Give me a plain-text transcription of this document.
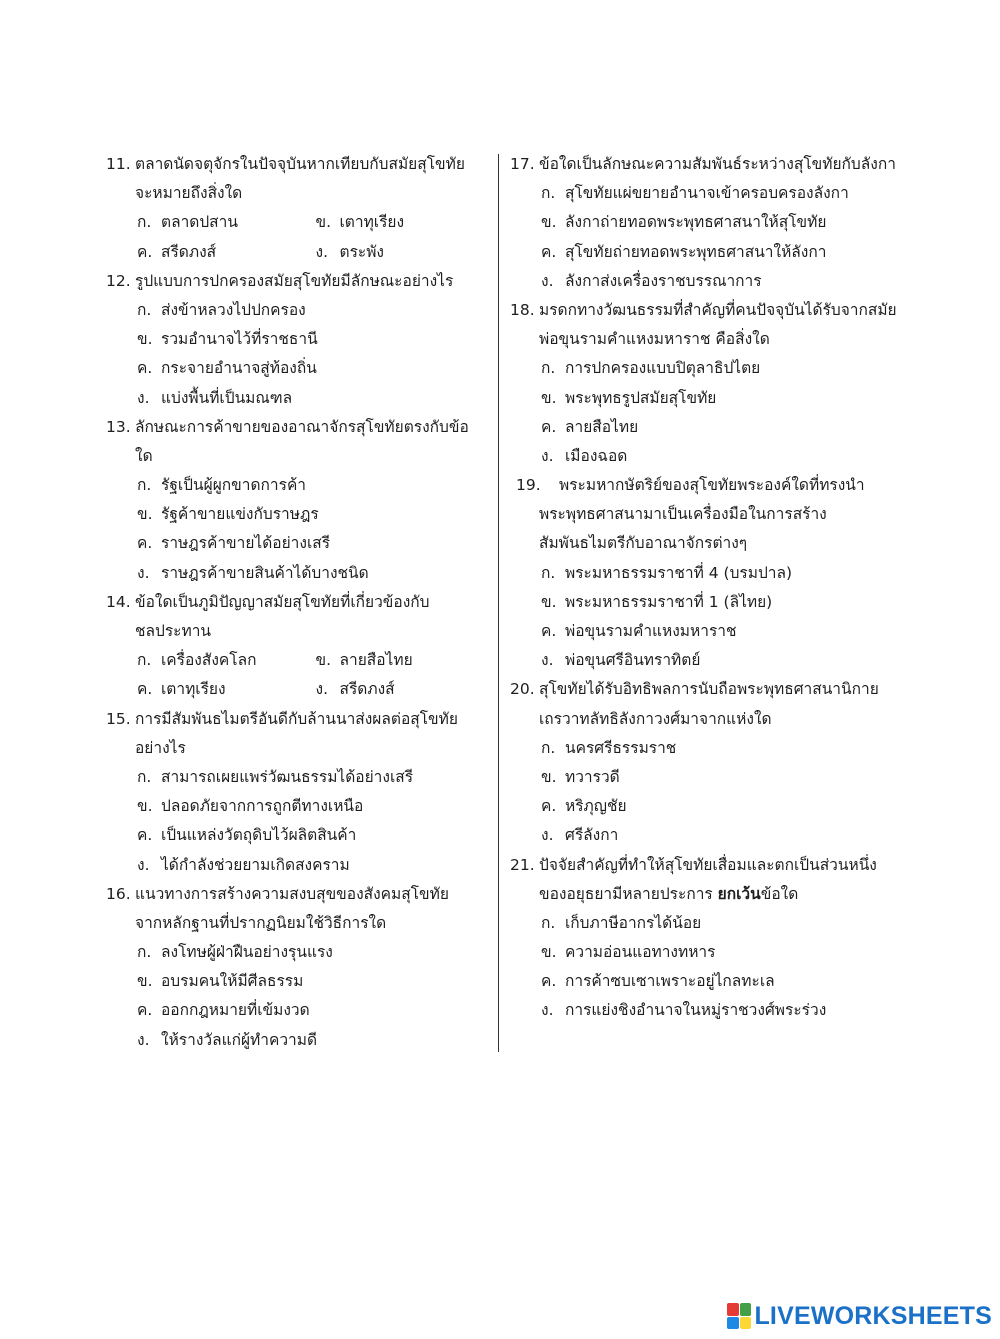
11. ตลาดนัดจตุจักรในปัจจุบันหากเทียบกับสมัยสุโขทัย
จะหมายถึงสิ่งใด
ก. ตลาดปสาน	ข. เตาทุเรียง
ค. สรีดภงส์	ง. ตระพัง
12. รูปแบบการปกครองสมัยสุโขทัยมีลักษณะอย่างไร
ก. ส่งข้าหลวงไปปกครอง
ข. รวมอำนาจไว้ที่ราชธานี
ค. กระจายอำนาจสู่ท้องถิ่น
ง. แบ่งพื้นที่เป็นมณฑล
13. ลักษณะการค้าขายของอาณาจักรสุโขทัยตรงกับข้อ
ใด
ก. รัฐเป็นผู้ผูกขาดการค้า
ข. รัฐค้าขายแข่งกับราษฎร
ค. ราษฎรค้าขายได้อย่างเสรี
ง. ราษฎรค้าขายสินค้าได้บางชนิด
14. ข้อใดเป็นภูมิปัญญาสมัยสุโขทัยที่เกี่ยวข้องกับ
ชลประทาน
ก. เครื่องสังคโลก	ข. ลายสือไทย
ค. เตาทุเรียง	ง. สรีดภงส์
15. การมีสัมพันธไมตรีอันดีกับล้านนาส่งผลต่อสุโขทัย
อย่างไร
ก. สามารถเผยแพร่วัฒนธรรมได้อย่างเสรี
ข. ปลอดภัยจากการถูกตีทางเหนือ
ค. เป็นแหล่งวัตถุดิบไว้ผลิตสินค้า
ง. ได้กำลังช่วยยามเกิดสงคราม
16. แนวทางการสร้างความสงบสุขของสังคมสุโขทัย
จากหลักฐานที่ปรากฏนิยมใช้วิธีการใด
ก. ลงโทษผู้ฝ่าฝืนอย่างรุนแรง
ข. อบรมคนให้มีศีลธรรม
ค. ออกกฎหมายที่เข้มงวด
ง. ให้รางวัลแก่ผู้ทำความดี
17. ข้อใดเป็นลักษณะความสัมพันธ์ระหว่างสุโขทัยกับลังกา
ก. สุโขทัยแผ่ขยายอำนาจเข้าครอบครองลังกา
ข. ลังกาถ่ายทอดพระพุทธศาสนาให้สุโขทัย
ค. สุโขทัยถ่ายทอดพระพุทธศาสนาให้ลังกา
ง. ลังกาส่งเครื่องราชบรรณาการ
18. มรดกทางวัฒนธรรมที่สำคัญที่คนปัจจุบันได้รับจากสมัย
พ่อขุนรามคำแหงมหาราช คือสิ่งใด
ก. การปกครองแบบปิตุลาธิปไตย
ข. พระพุทธรูปสมัยสุโขทัย
ค. ลายสือไทย
ง. เมืองฉอด
19. พระมหากษัตริย์ของสุโขทัยพระองค์ใดที่ทรงนำ
พระพุทธศาสนามาเป็นเครื่องมือในการสร้าง
สัมพันธไมตรีกับอาณาจักรต่างๆ
ก. พระมหาธรรมราชาที่ 4 (บรมปาล)
ข. พระมหาธรรมราชาที่ 1 (ลิไทย)
ค. พ่อขุนรามคำแหงมหาราช
ง. พ่อขุนศรีอินทราทิตย์
20. สุโขทัยได้รับอิทธิพลการนับถือพระพุทธศาสนานิกาย
เถรวาทลัทธิลังกาวงศ์มาจากแห่งใด
ก. นครศรีธรรมราช
ข. ทวารวดี
ค. หริภุญชัย
ง. ศรีลังกา
21. ปัจจัยสำคัญที่ทำให้สุโขทัยเสื่อมและตกเป็นส่วนหนึ่ง
ของอยุธยามีหลายประการ ยกเว้นข้อใด
ก. เก็บภาษีอากรได้น้อย
ข. ความอ่อนแอทางทหาร
ค. การค้าซบเซาเพราะอยู่ไกลทะเล
ง. การแย่งชิงอำนาจในหมู่ราชวงศ์พระร่วง
LIVEWORKSHEETS
